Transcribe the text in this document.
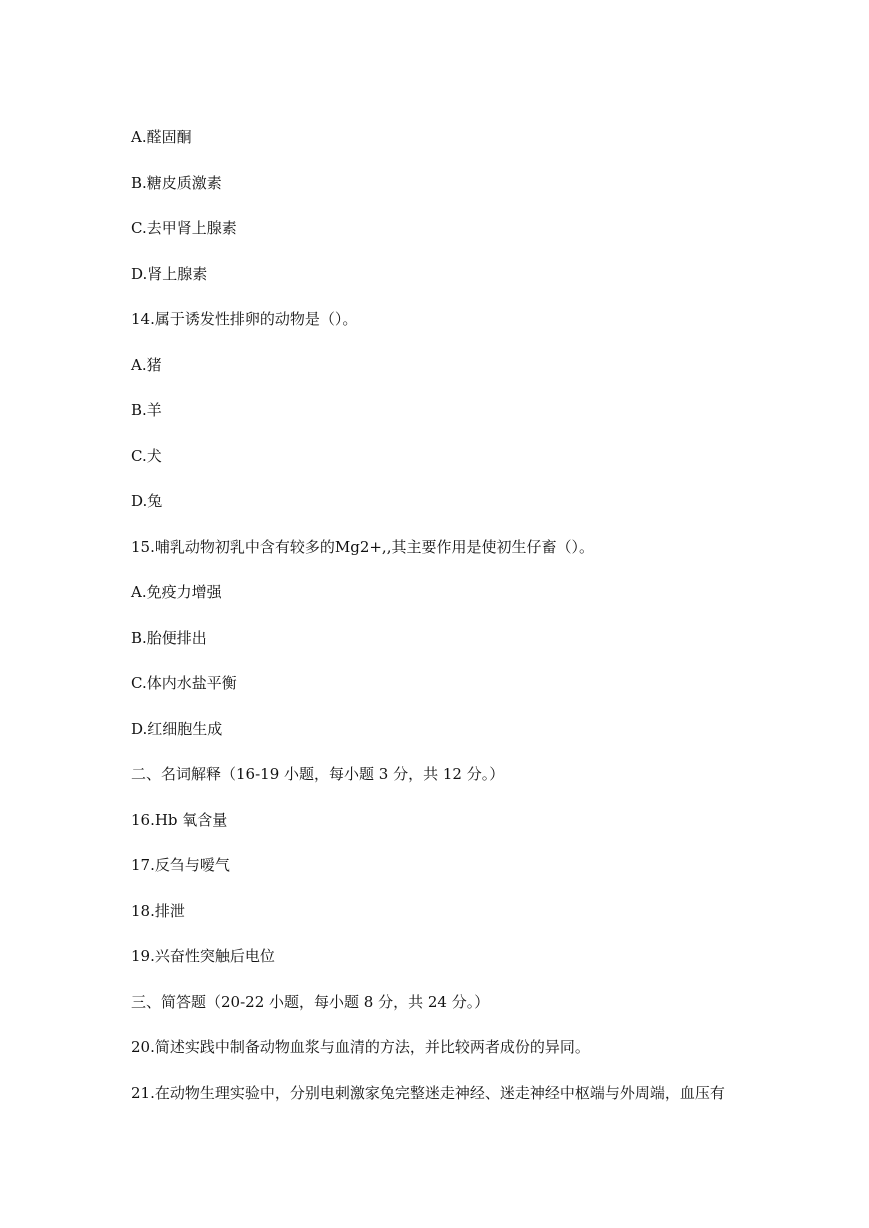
A.醛固酮
B.糖皮质激素
C.去甲肾上腺素
D.肾上腺素
14.属于诱发性排卵的动物是（）。
A.猪
B.羊
C.犬
D.兔
15.哺乳动物初乳中含有较多的Mg2+,,其主要作用是使初生仔畜（）。
A.免疫力增强
B.胎便排出
C.体内水盐平衡
D.红细胞生成
二、名词解释（16-19 小题，每小题 3 分，共 12 分。）
16.Hb 氧含量
17.反刍与嗳气
18.排泄
19.兴奋性突触后电位
三、简答题（20-22 小题，每小题 8 分，共 24 分。）
20.简述实践中制备动物血浆与血清的方法，并比较两者成份的异同。
21.在动物生理实验中，分别电刺激家兔完整迷走神经、迷走神经中枢端与外周端，血压有
